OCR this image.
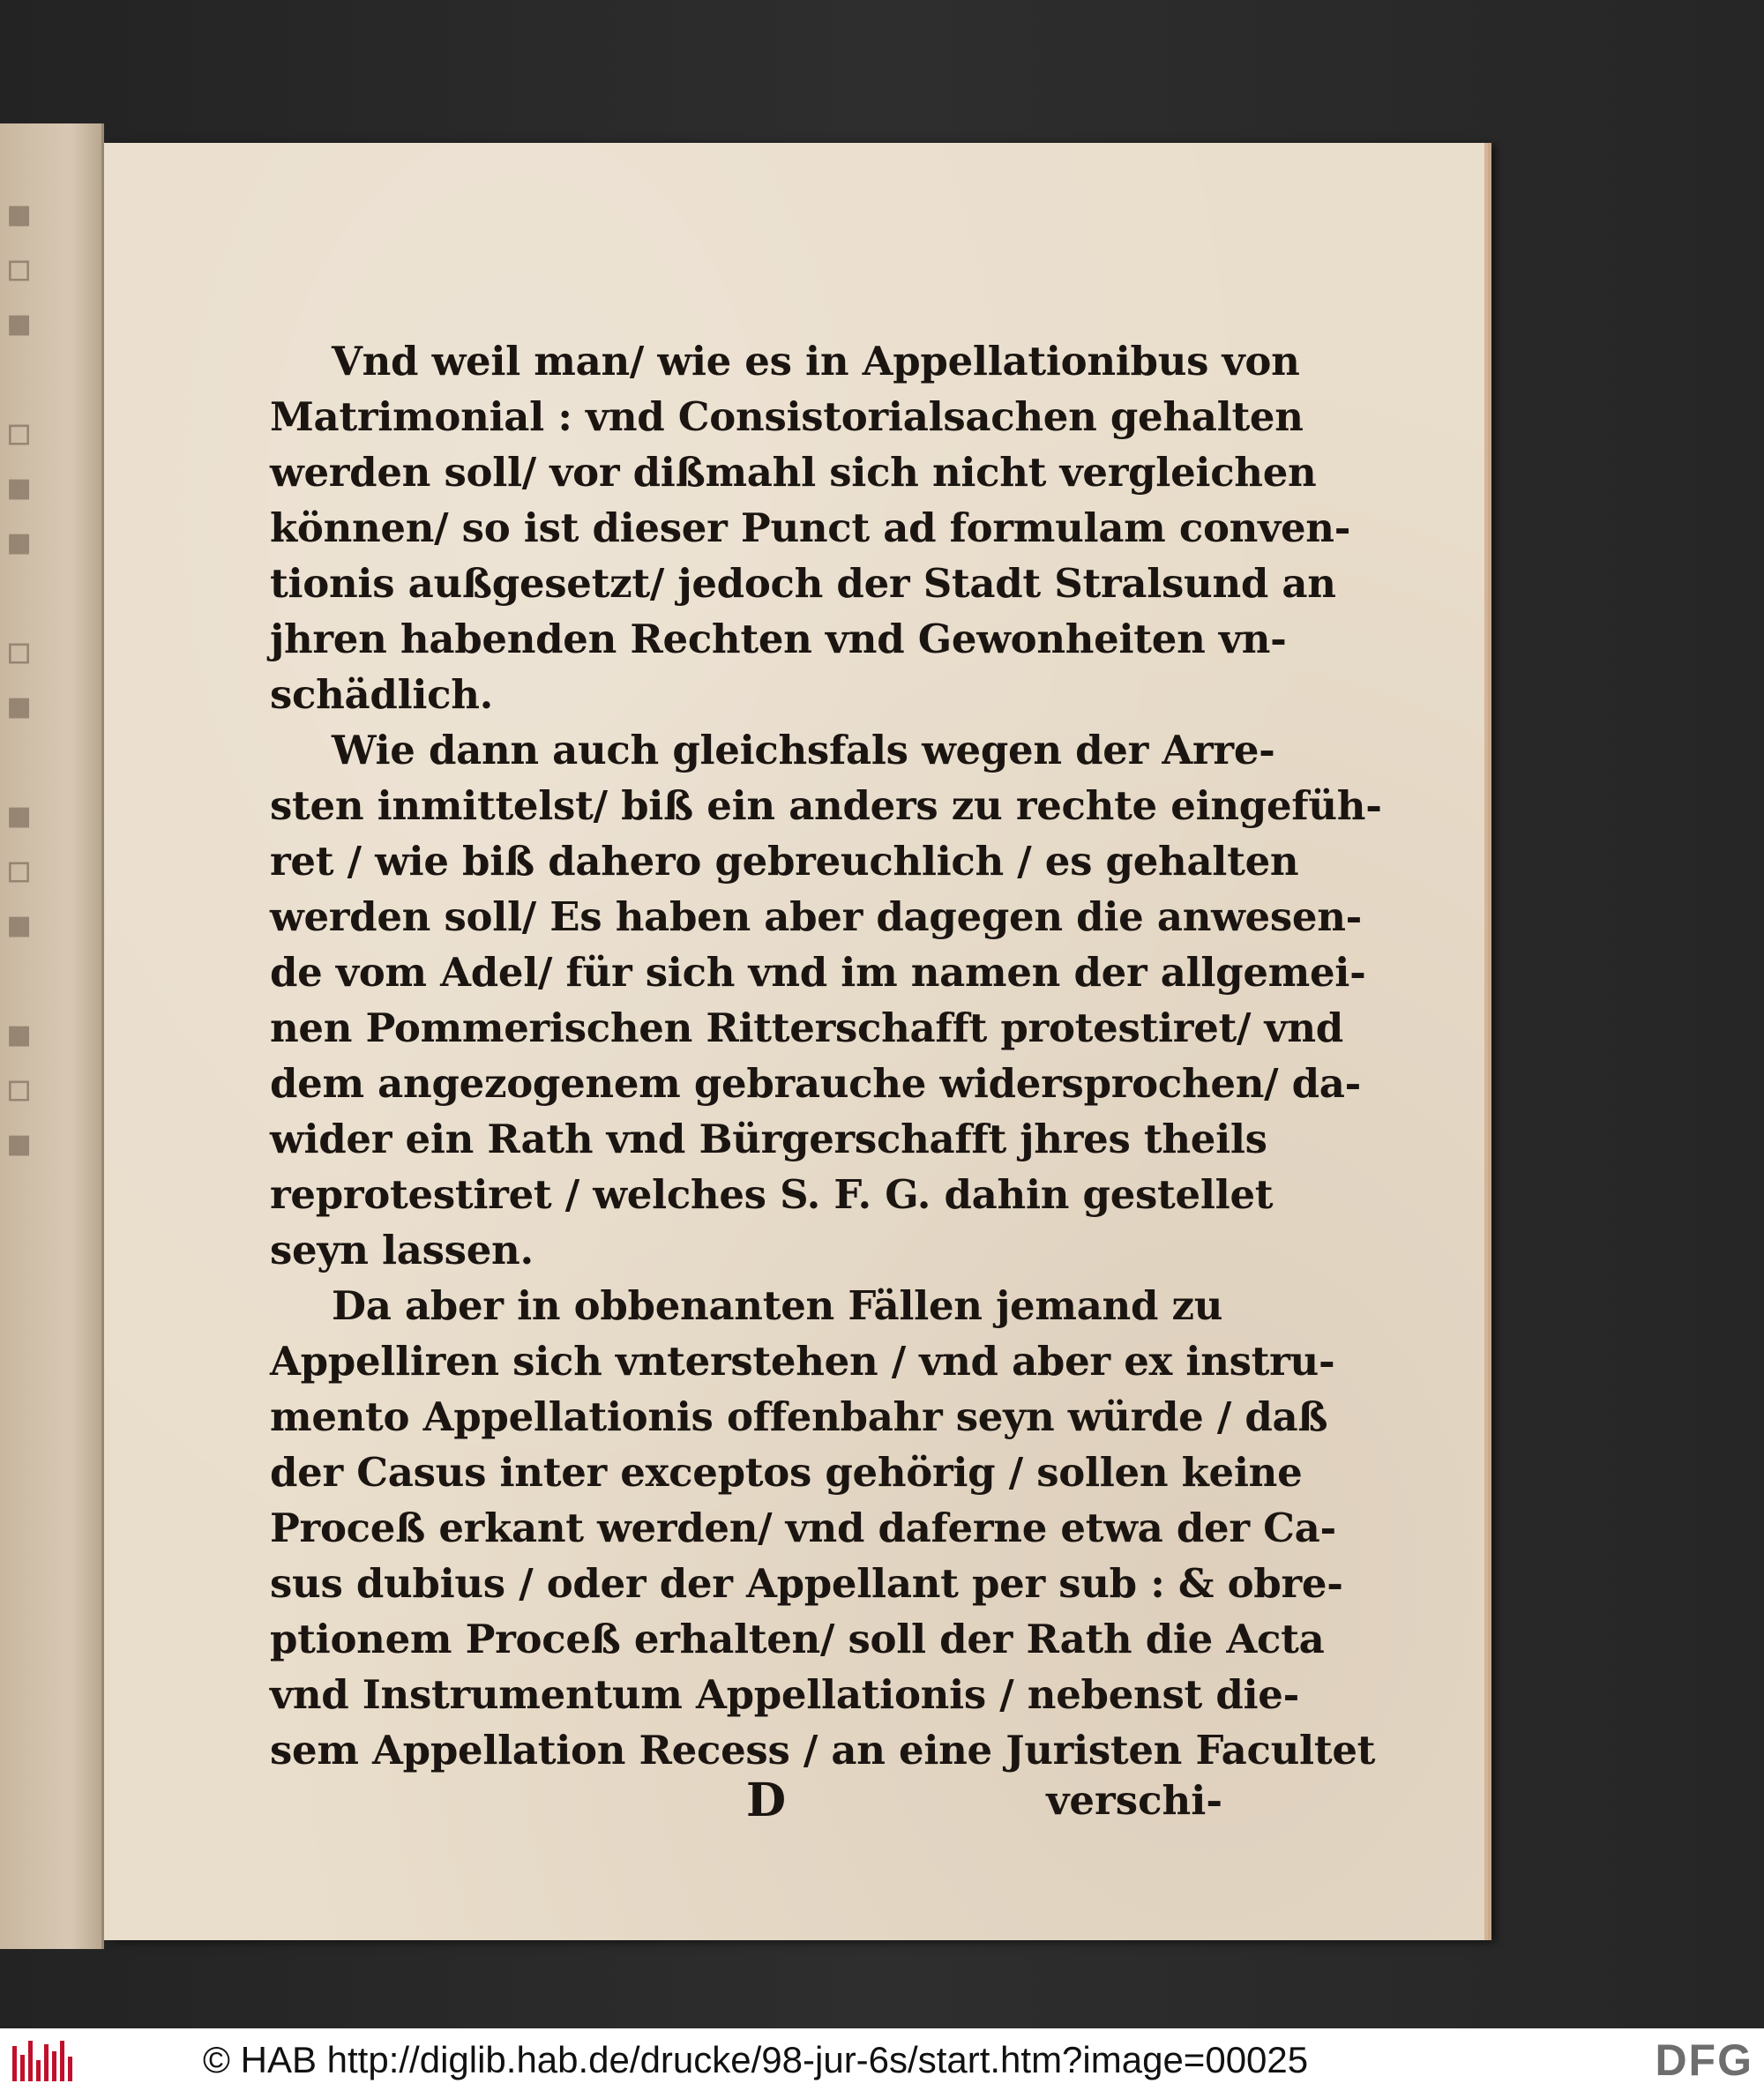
▪
▫
▪

▫
▪
▪

▫
▪

▪
▫
▪

▪
▫
▪
Vnd weil man/ wie es in Appellationibus von
Matrimonial : vnd Consistorialsachen gehalten
werden soll/ vor dißmahl sich nicht vergleichen
können/ so ist dieser Punct ad formulam conven-
tionis außgesetzt/ jedoch der Stadt Stralsund an
jhren habenden Rechten vnd Gewonheiten vn-
schädlich.
Wie dann auch gleichsfals wegen der Arre-
sten inmittelst/ biß ein anders zu rechte eingefüh-
ret / wie biß dahero gebreuchlich / es gehalten
werden soll/ Es haben aber dagegen die anwesen-
de vom Adel/ für sich vnd im namen der allgemei-
nen Pommerischen Ritterschafft protestiret/ vnd
dem angezogenem gebrauche widersprochen/ da-
wider ein Rath vnd Bürgerschafft jhres theils
reprotestiret / welches S. F. G. dahin gestellet
seyn lassen.
Da aber in obbenanten Fällen jemand zu
Appelliren sich vnterstehen / vnd aber ex instru-
mento Appellationis offenbahr seyn würde / daß
der Casus inter exceptos gehörig / sollen keine
Proceß erkant werden/ vnd daferne etwa der Ca-
sus dubius / oder der Appellant per sub : & obre-
ptionem Proceß erhalten/ soll der Rath die Acta
vnd Instrumentum Appellationis / nebenst die-
sem Appellation Recess / an eine Juristen Facultet
D	verschi-
© HAB http://diglib.hab.de/drucke/98-jur-6s/start.htm?image=00025	DFG
